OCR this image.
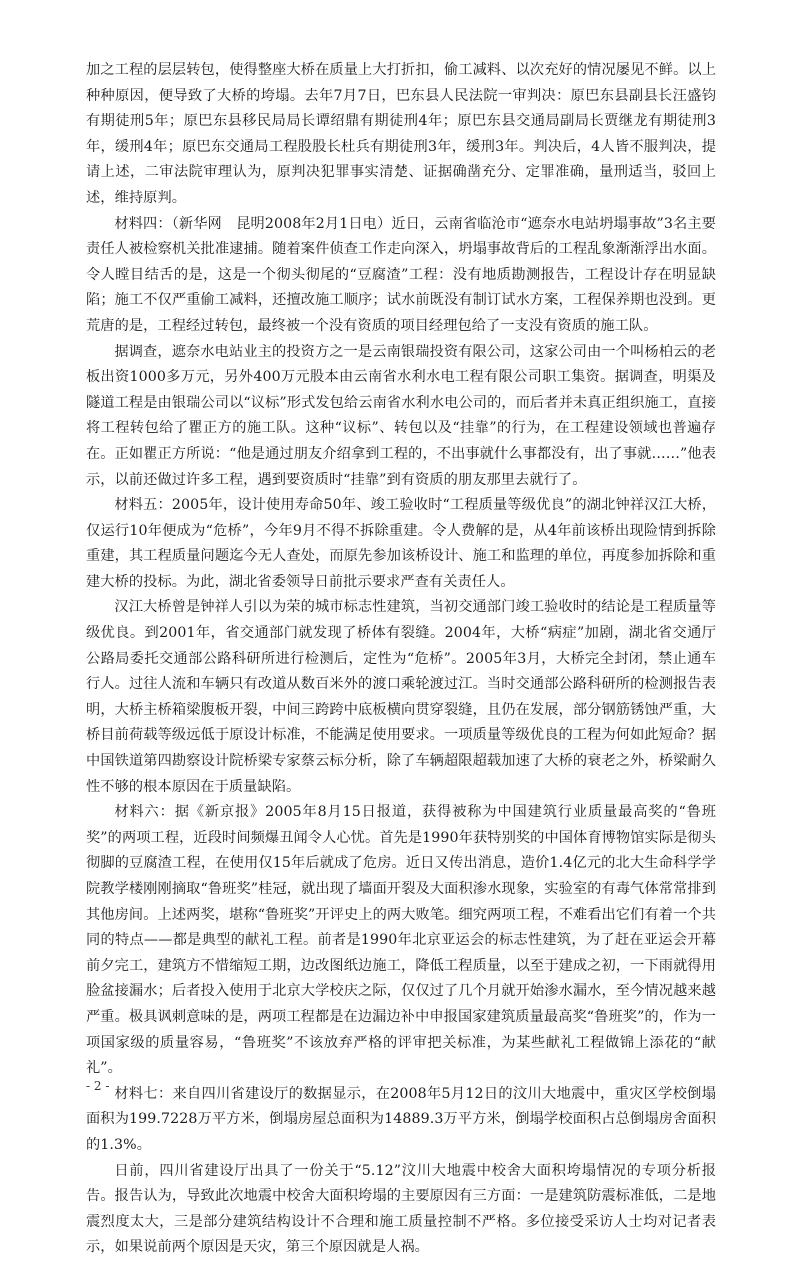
加之工程的层层转包，使得整座大桥在质量上大打折扣，偷工减料、以次充好的情况屡见不鲜。以上种种原因，便导致了大桥的垮塌。去年7月7日，巴东县人民法院一审判决：原巴东县副县长汪盛钧有期徒刑5年；原巴东县移民局局长谭绍鼎有期徒刑4年；原巴东县交通局副局长贾继龙有期徒刑3年，缓刑4年；原巴东交通局工程股股长杜兵有期徒刑3年，缓刑3年。判决后，4人皆不服判决，提请上述，二审法院审理认为，原判决犯罪事实清楚、证据确凿充分、定罪准确，量刑适当，驳回上述，维持原判。

材料四：（新华网　昆明2008年2月1日电）近日，云南省临沧市“遮奈水电站坍塌事故”3名主要责任人被检察机关批准逮捕。随着案件侦查工作走向深入，坍塌事故背后的工程乱象渐渐浮出水面。令人瞠目结舌的是，这是一个彻头彻尾的“豆腐渣”工程：没有地质勘测报告，工程设计存在明显缺陷；施工不仅严重偷工减料，还擅改施工顺序；试水前既没有制订试水方案，工程保养期也没到。更荒唐的是，工程经过转包，最终被一个没有资质的项目经理包给了一支没有资质的施工队。

据调查，遮奈水电站业主的投资方之一是云南银瑞投资有限公司，这家公司由一个叫杨柏云的老板出资1000多万元，另外400万元股本由云南省水利水电工程有限公司职工集资。据调查，明渠及隧道工程是由银瑞公司以“议标”形式发包给云南省水利水电公司的，而后者并未真正组织施工，直接将工程转包给了瞿正方的施工队。这种“议标”、转包以及“挂靠”的行为，在工程建设领域也普遍存在。正如瞿正方所说：“他是通过朋友介绍拿到工程的，不出事就什么事都没有，出了事就……”他表示，以前还做过许多工程，遇到要资质时“挂靠”到有资质的朋友那里去就行了。

材料五：2005年，设计使用寿命50年、竣工验收时“工程质量等级优良”的湖北钟祥汉江大桥，仅运行10年便成为“危桥”，今年9月不得不拆除重建。令人费解的是，从4年前该桥出现险情到拆除重建，其工程质量问题迄今无人查处，而原先参加该桥设计、施工和监理的单位，再度参加拆除和重建大桥的投标。为此，湖北省委领导日前批示要求严查有关责任人。

汉江大桥曾是钟祥人引以为荣的城市标志性建筑，当初交通部门竣工验收时的结论是工程质量等级优良。到2001年，省交通部门就发现了桥体有裂缝。2004年，大桥“病症”加剧，湖北省交通厅公路局委托交通部公路科研所进行检测后，定性为“危桥”。2005年3月，大桥完全封闭，禁止通车行人。过往人流和车辆只有改道从数百米外的渡口乘轮渡过江。当时交通部公路科研所的检测报告表明，大桥主桥箱梁腹板开裂，中间三跨跨中底板横向贯穿裂缝，且仍在发展，部分钢筋锈蚀严重，大桥目前荷载等级远低于原设计标准，不能满足使用要求。一项质量等级优良的工程为何如此短命？据中国铁道第四勘察设计院桥梁专家蔡云标分析，除了车辆超限超载加速了大桥的衰老之外，桥梁耐久性不够的根本原因在于质量缺陷。

材料六：据《新京报》2005年8月15日报道，获得被称为中国建筑行业质量最高奖的“鲁班奖”的两项工程，近段时间频爆丑闻令人心忧。首先是1990年获特别奖的中国体育博物馆实际是彻头彻脚的豆腐渣工程，在使用仅15年后就成了危房。近日又传出消息，造价1.4亿元的北大生命科学学院教学楼刚刚摘取“鲁班奖”桂冠，就出现了墙面开裂及大面积渗水现象，实验室的有毒气体常常排到其他房间。上述两奖，堪称“鲁班奖”开评史上的两大败笔。细究两项工程，不难看出它们有着一个共同的特点——都是典型的献礼工程。前者是1990年北京亚运会的标志性建筑，为了赶在亚运会开幕前夕完工，建筑方不惜缩短工期，边改图纸边施工，降低工程质量，以至于建成之初，一下雨就得用脸盆接漏水；后者投入使用于北京大学校庆之际，仅仅过了几个月就开始渗水漏水，至今情况越来越严重。极具讽刺意味的是，两项工程都是在边漏边补中申报国家建筑质量最高奖“鲁班奖”的，作为一项国家级的质量容易，“鲁班奖”不该放弃严格的评审把关标准，为某些献礼工程做锦上添花的“献礼”。

材料七：来自四川省建设厅的数据显示，在2008年5月12日的汶川大地震中，重灾区学校倒塌面积为199.7228万平方米，倒塌房屋总面积为14889.3万平方米，倒塌学校面积占总倒塌房舍面积的1.3%。

日前，四川省建设厅出具了一份关于“5.12”汶川大地震中校舍大面积垮塌情况的专项分析报告。报告认为，导致此次地震中校舍大面积垮塌的主要原因有三方面：一是建筑防震标准低，二是地震烈度太大，三是部分建筑结构设计不合理和施工质量控制不严格。多位接受采访人士均对记者表示，如果说前两个原因是天灾，第三个原因就是人祸。

- 2 -
